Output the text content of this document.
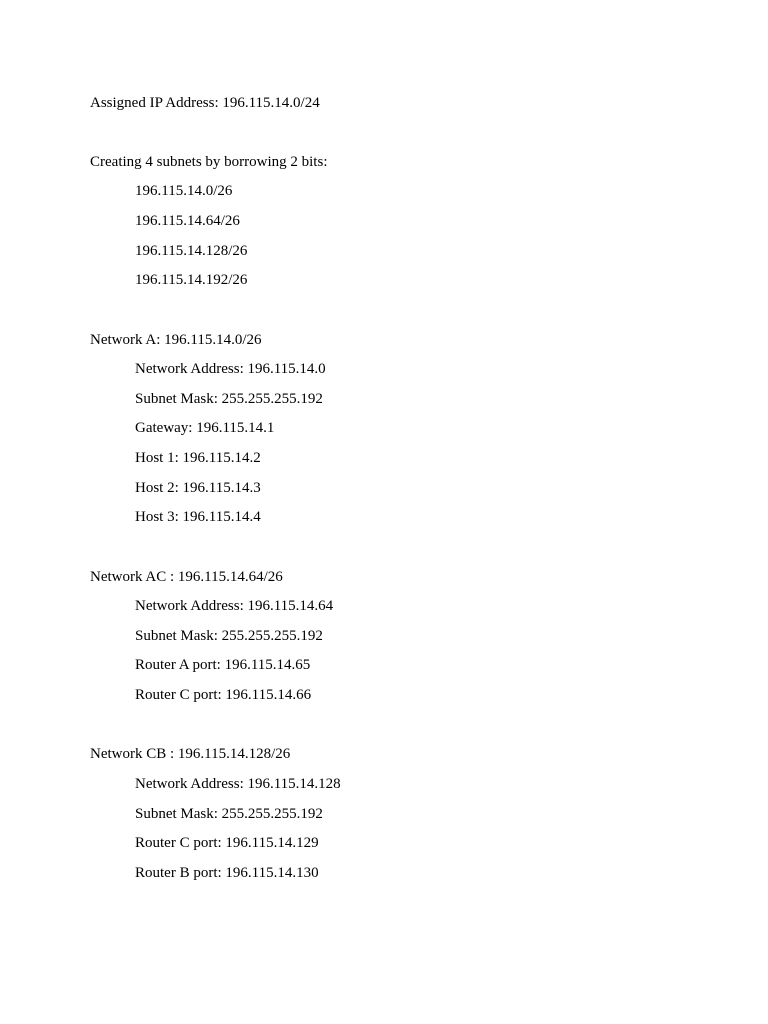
Assigned IP Address: 196.115.14.0/24
Creating 4 subnets by borrowing 2 bits:
196.115.14.0/26
196.115.14.64/26
196.115.14.128/26
196.115.14.192/26
Network A: 196.115.14.0/26
Network Address: 196.115.14.0
Subnet Mask: 255.255.255.192
Gateway: 196.115.14.1
Host 1: 196.115.14.2
Host 2: 196.115.14.3
Host 3: 196.115.14.4
Network AC : 196.115.14.64/26
Network Address: 196.115.14.64
Subnet Mask: 255.255.255.192
Router A port: 196.115.14.65
Router C port: 196.115.14.66
Network CB : 196.115.14.128/26
Network Address: 196.115.14.128
Subnet Mask: 255.255.255.192
Router C port: 196.115.14.129
Router B port: 196.115.14.130
